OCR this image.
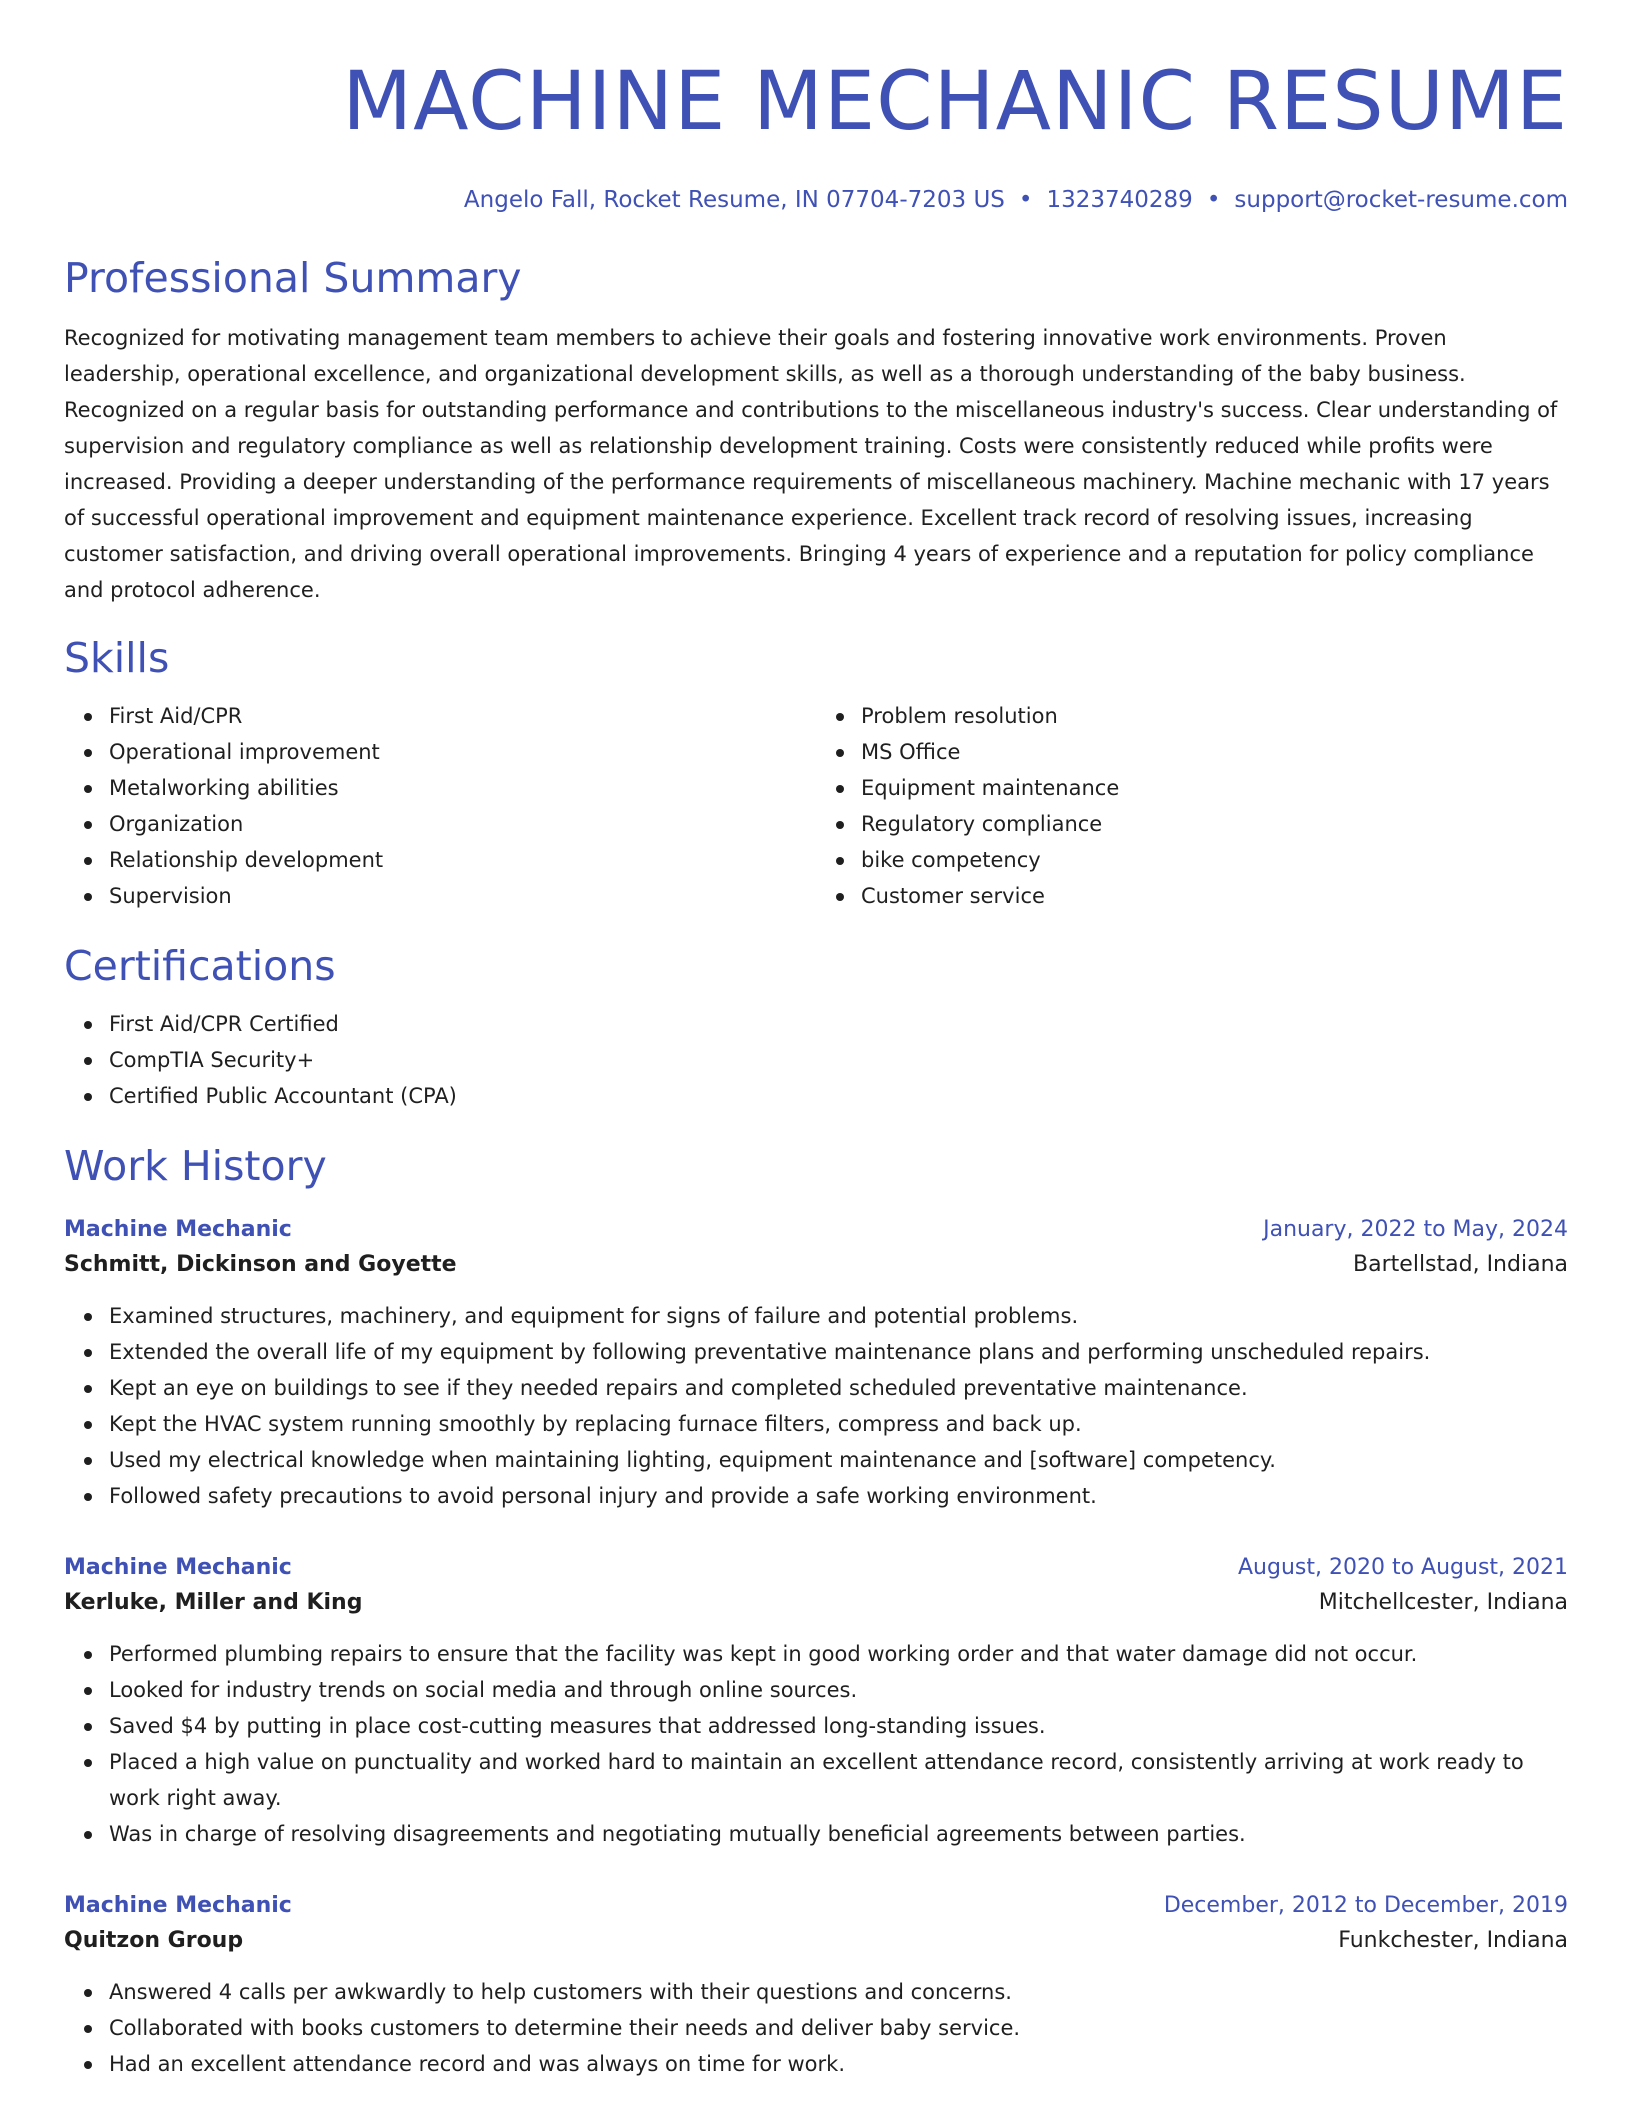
MACHINE MECHANIC RESUME
Angelo Fall, Rocket Resume, IN 07704-7203 US • 1323740289 • support@rocket-resume.com
Professional Summary
Recognized for motivating management team members to achieve their goals and fostering innovative work environments. Proven leadership, operational excellence, and organizational development skills, as well as a thorough understanding of the baby business. Recognized on a regular basis for outstanding performance and contributions to the miscellaneous industry's success. Clear understanding of supervision and regulatory compliance as well as relationship development training. Costs were consistently reduced while profits were increased. Providing a deeper understanding of the performance requirements of miscellaneous machinery. Machine mechanic with 17 years of successful operational improvement and equipment maintenance experience. Excellent track record of resolving issues, increasing customer satisfaction, and driving overall operational improvements. Bringing 4 years of experience and a reputation for policy compliance and protocol adherence.
Skills
First Aid/CPR
Operational improvement
Metalworking abilities
Organization
Relationship development
Supervision
Problem resolution
MS Office
Equipment maintenance
Regulatory compliance
bike competency
Customer service
Certifications
First Aid/CPR Certified
CompTIA Security+
Certified Public Accountant (CPA)
Work History
Machine Mechanic	January, 2022 to May, 2024
Schmitt, Dickinson and Goyette	Bartellstad, Indiana
Examined structures, machinery, and equipment for signs of failure and potential problems.
Extended the overall life of my equipment by following preventative maintenance plans and performing unscheduled repairs.
Kept an eye on buildings to see if they needed repairs and completed scheduled preventative maintenance.
Kept the HVAC system running smoothly by replacing furnace filters, compress and back up.
Used my electrical knowledge when maintaining lighting, equipment maintenance and [software] competency.
Followed safety precautions to avoid personal injury and provide a safe working environment.
Machine Mechanic	August, 2020 to August, 2021
Kerluke, Miller and King	Mitchellcester, Indiana
Performed plumbing repairs to ensure that the facility was kept in good working order and that water damage did not occur.
Looked for industry trends on social media and through online sources.
Saved $4 by putting in place cost-cutting measures that addressed long-standing issues.
Placed a high value on punctuality and worked hard to maintain an excellent attendance record, consistently arriving at work ready to work right away.
Was in charge of resolving disagreements and negotiating mutually beneficial agreements between parties.
Machine Mechanic	December, 2012 to December, 2019
Quitzon Group	Funkchester, Indiana
Answered 4 calls per awkwardly to help customers with their questions and concerns.
Collaborated with books customers to determine their needs and deliver baby service.
Had an excellent attendance record and was always on time for work.
